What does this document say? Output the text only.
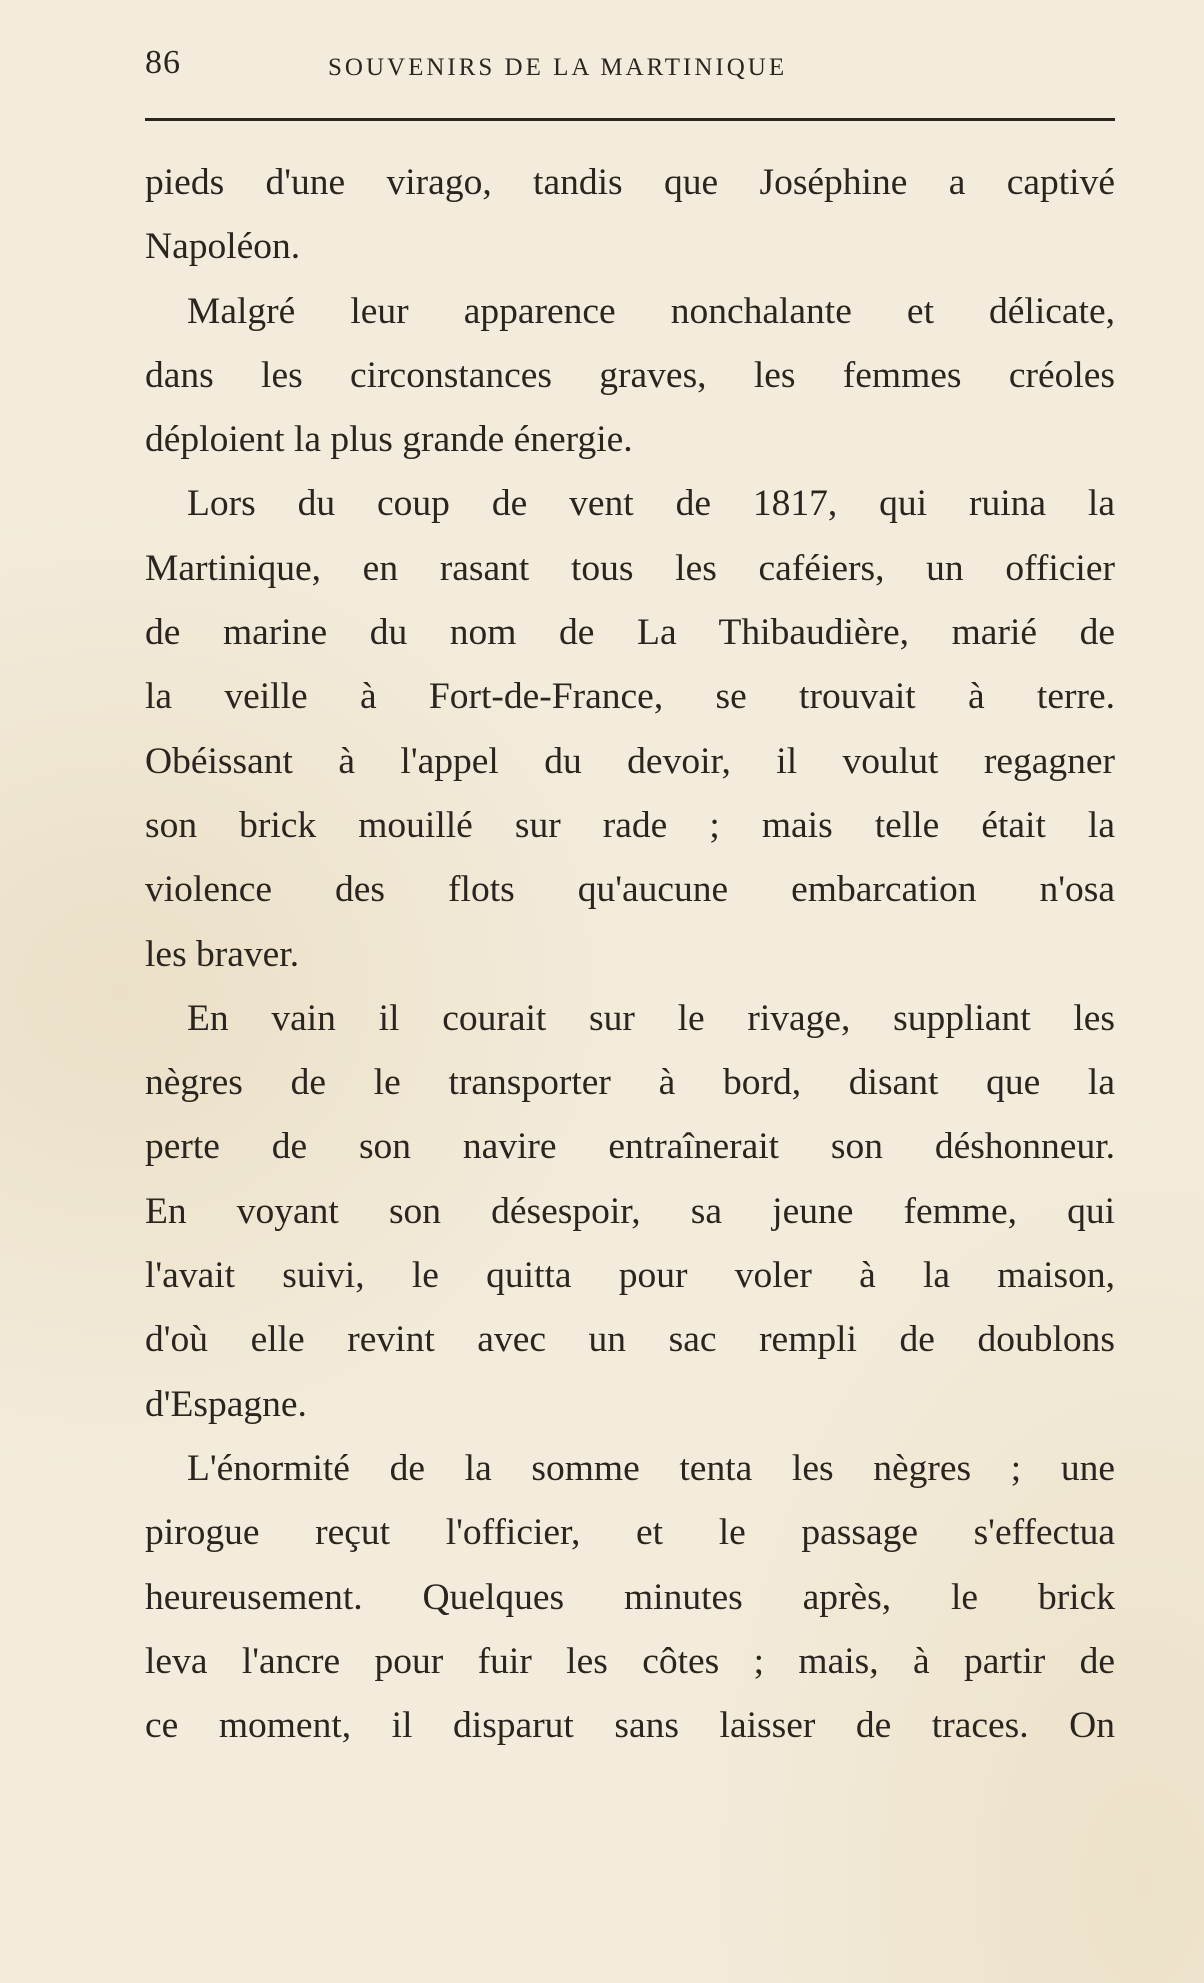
86	SOUVENIRS DE LA MARTINIQUE
pieds d'une virago, tandis que Joséphine a captivé
Napoléon.
Malgré leur apparence nonchalante et délicate,
dans les circonstances graves, les femmes créoles
déploient la plus grande énergie.
Lors du coup de vent de 1817, qui ruina la
Martinique, en rasant tous les caféiers, un officier
de marine du nom de La Thibaudière, marié de
la veille à Fort-de-France, se trouvait à terre.
Obéissant à l'appel du devoir, il voulut regagner
son brick mouillé sur rade ; mais telle était la
violence des flots qu'aucune embarcation n'osa
les braver.
En vain il courait sur le rivage, suppliant les
nègres de le transporter à bord, disant que la
perte de son navire entraînerait son déshonneur.
En voyant son désespoir, sa jeune femme, qui
l'avait suivi, le quitta pour voler à la maison,
d'où elle revint avec un sac rempli de doublons
d'Espagne.
L'énormité de la somme tenta les nègres ; une
pirogue reçut l'officier, et le passage s'effectua
heureusement. Quelques minutes après, le brick
leva l'ancre pour fuir les côtes ; mais, à partir de
ce moment, il disparut sans laisser de traces. On
